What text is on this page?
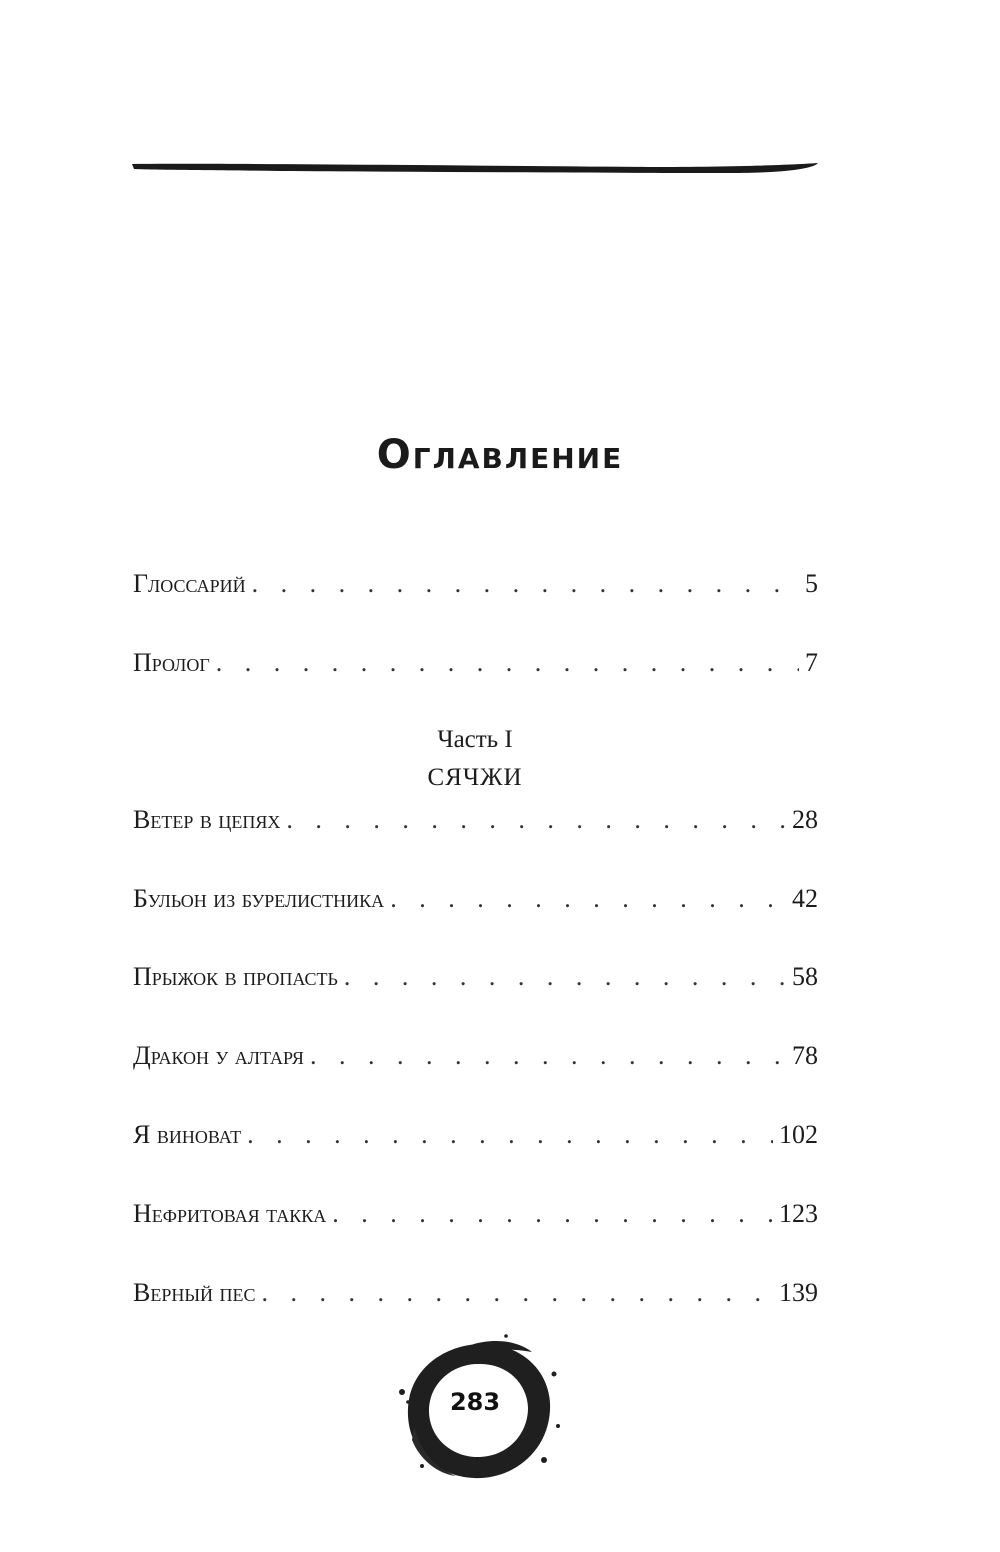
Оглавление
Глоссарий . . .	5
Пролог . . .	7
Часть I
СЯЧЖИ
Ветер в цепях . . .	28
Бульон из бурелистника . . .	42
Прыжок в пропасть . . .	58
Дракон у алтаря . . .	78
Я виноват . . .	102
Нефритовая такка . . .	123
Верный пес . . .	139
283
